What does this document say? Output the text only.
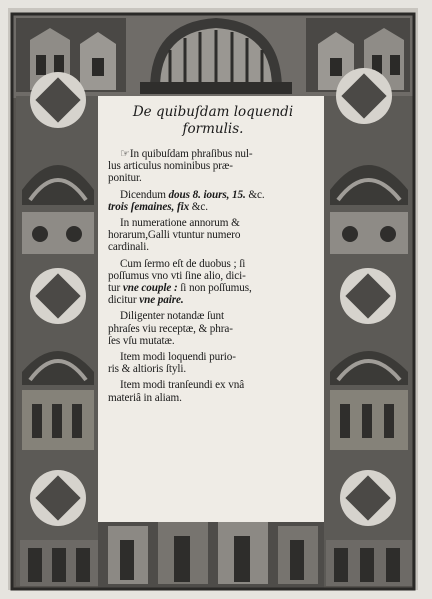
De quibuſdam loquendi
formulis.
☞In quibuſdam phraſibus nul-
lus articulus nominibus præ-
ponitur.
Dicendum dous 8. iours, 15. &c.
trois ſemaines, fix &c.
In numeratione annorum &
horarum,Galli vtuntur numero
cardinali.
Cum ſermo eſt de duobus ; ſi
poſſumus vno vti ſine alio, dici-
tur vne couple : ſi non poſſumus,
dicitur vne paire.
Diligenter notandæ ſunt
phraſes viu receptæ, & phra-
ſes vſu mutatæ.
Item modi loquendi purio-
ris & altioris ſtyli.
Item modi tranſeundi ex vnâ
materiâ in aliam.
